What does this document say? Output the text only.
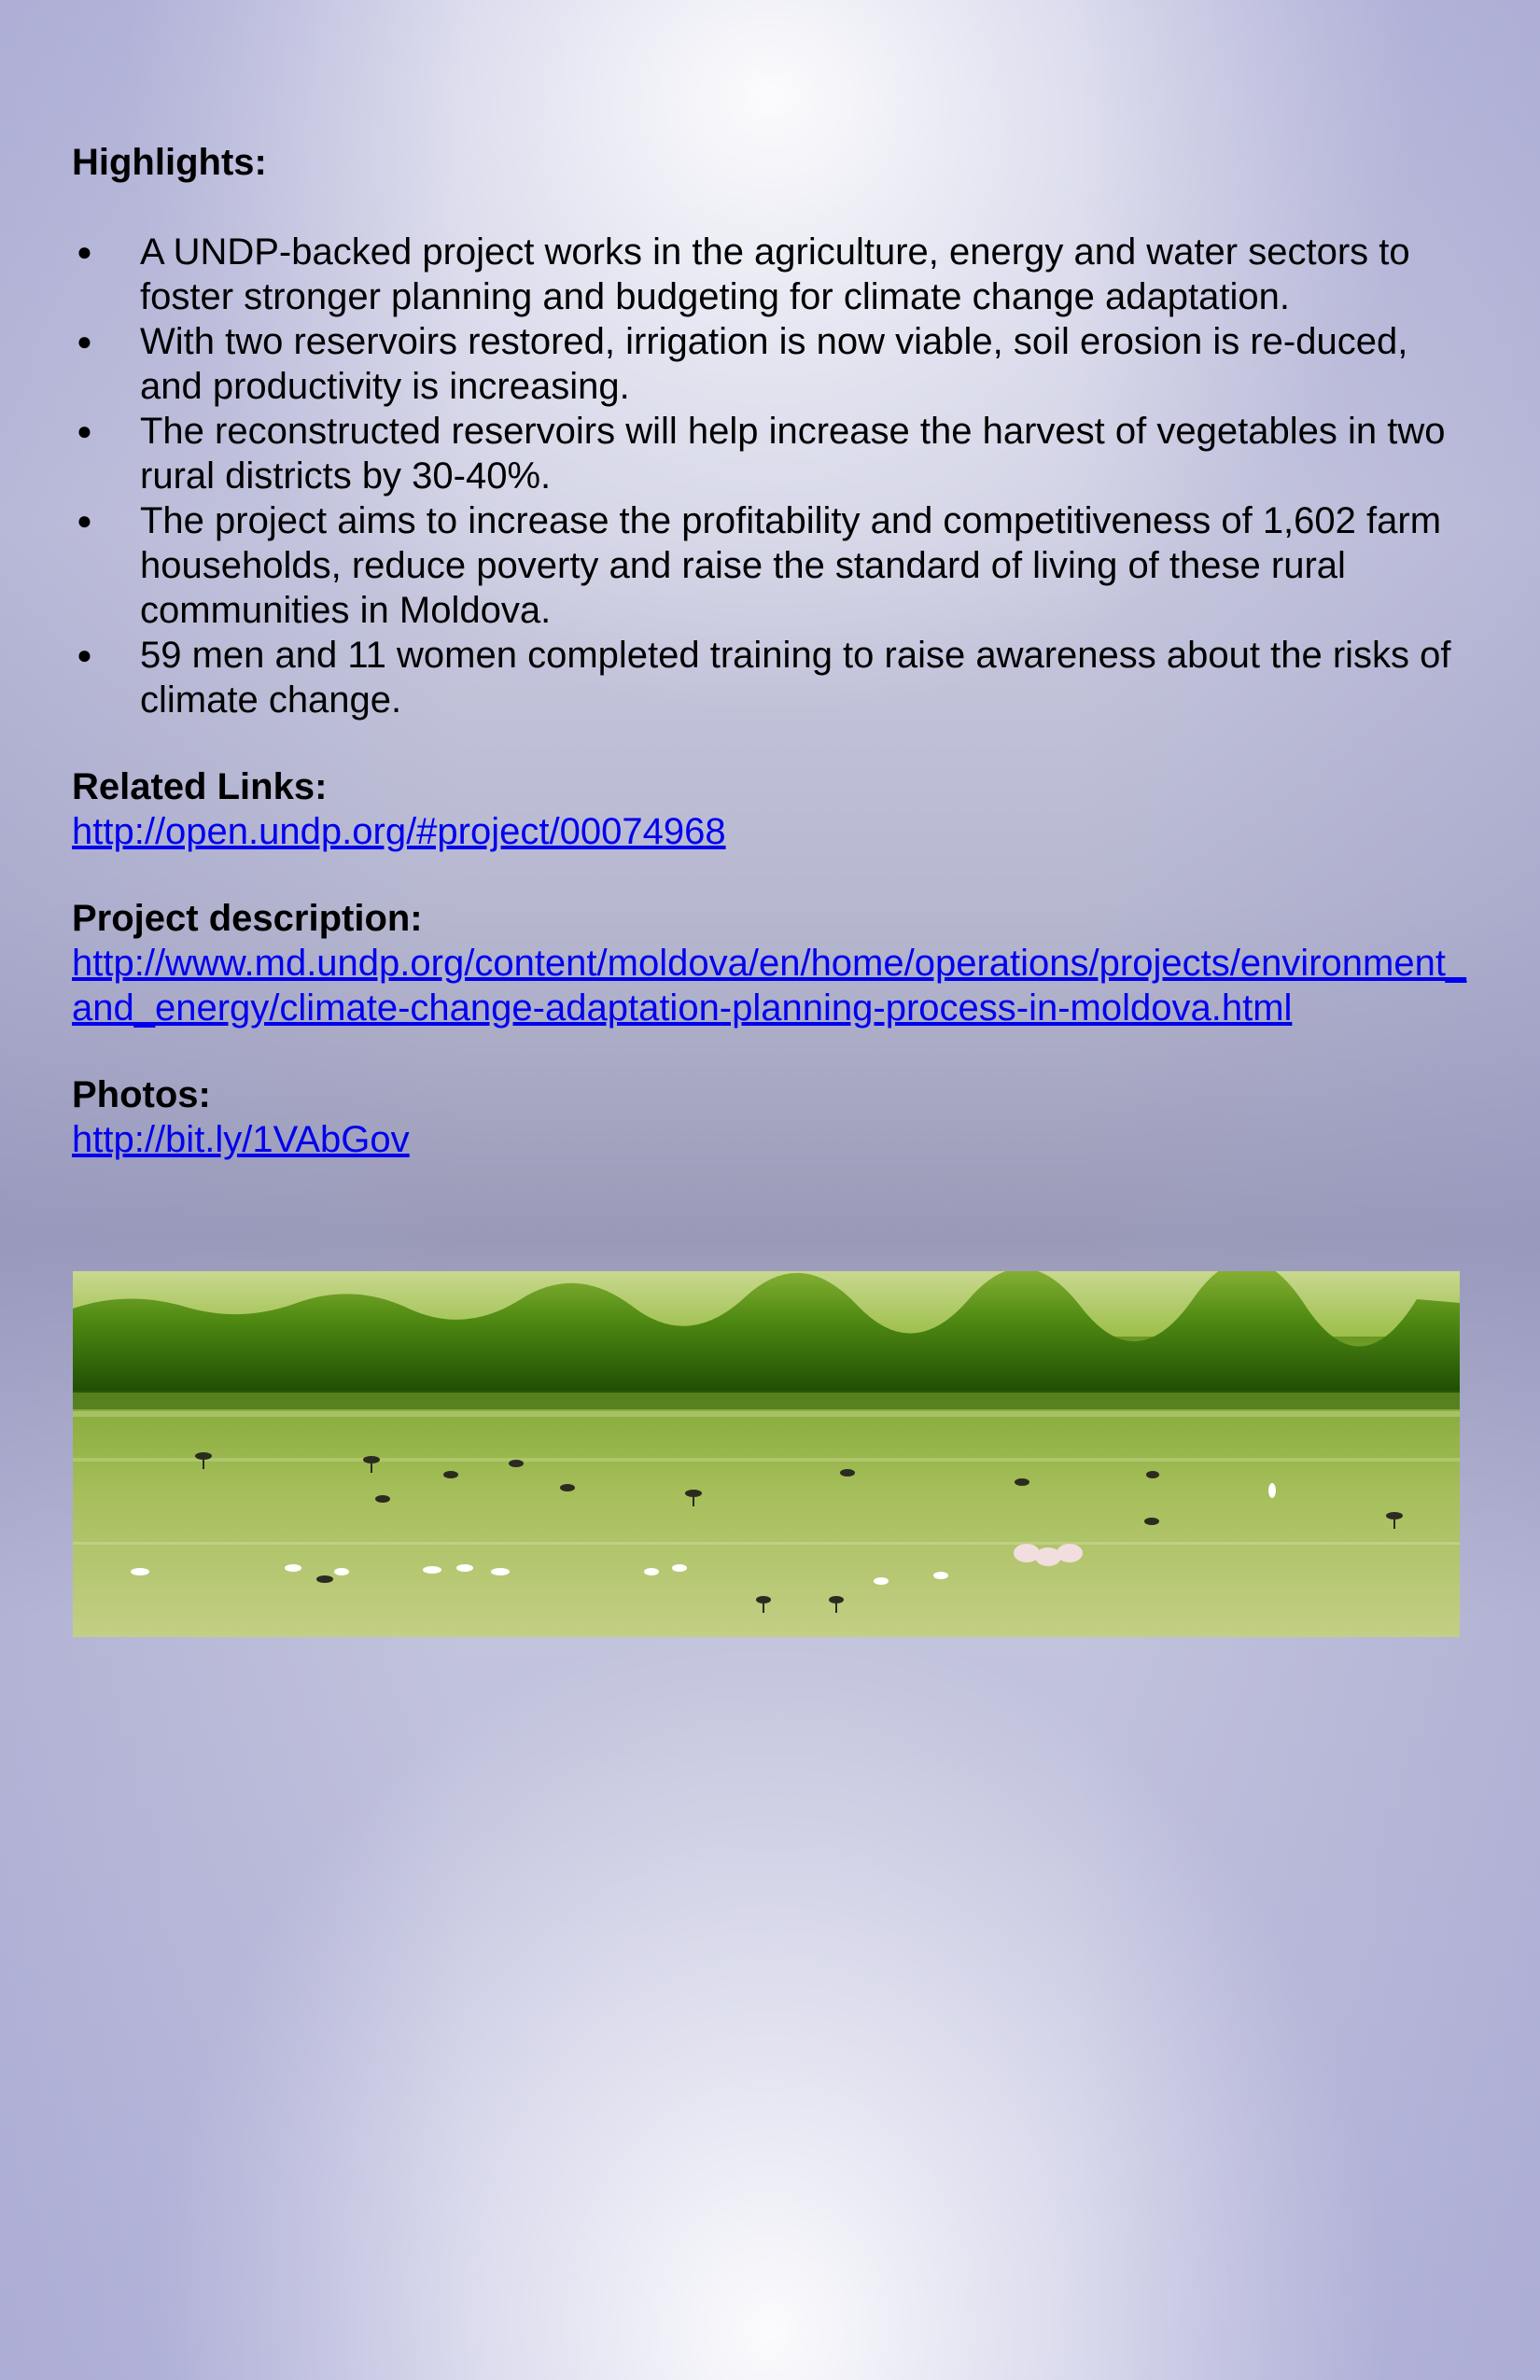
Highlights:

● A UNDP-backed project works in the agriculture, energy and water sectors to foster stronger planning and budgeting for climate change adaptation.
● With two reservoirs restored, irrigation is now viable, soil erosion is re-duced, and productivity is increasing.
● The reconstructed reservoirs will help increase the harvest of vegetables in two rural districts by 30-40%.
● The project aims to increase the profitability and competitiveness of 1,602 farm households, reduce poverty and raise the standard of living of these rural communities in Moldova.
● 59 men and 11 women completed training to raise awareness about the risks of climate change.

Related Links:

http://open.undp.org/#project/00074968

Project description:

http://www.md.undp.org/content/moldova/en/home/operations/projects/environment_and_energy/climate-change-adaptation-planning-process-in-moldova.html

Photos:

http://bit.ly/1VAbGov
